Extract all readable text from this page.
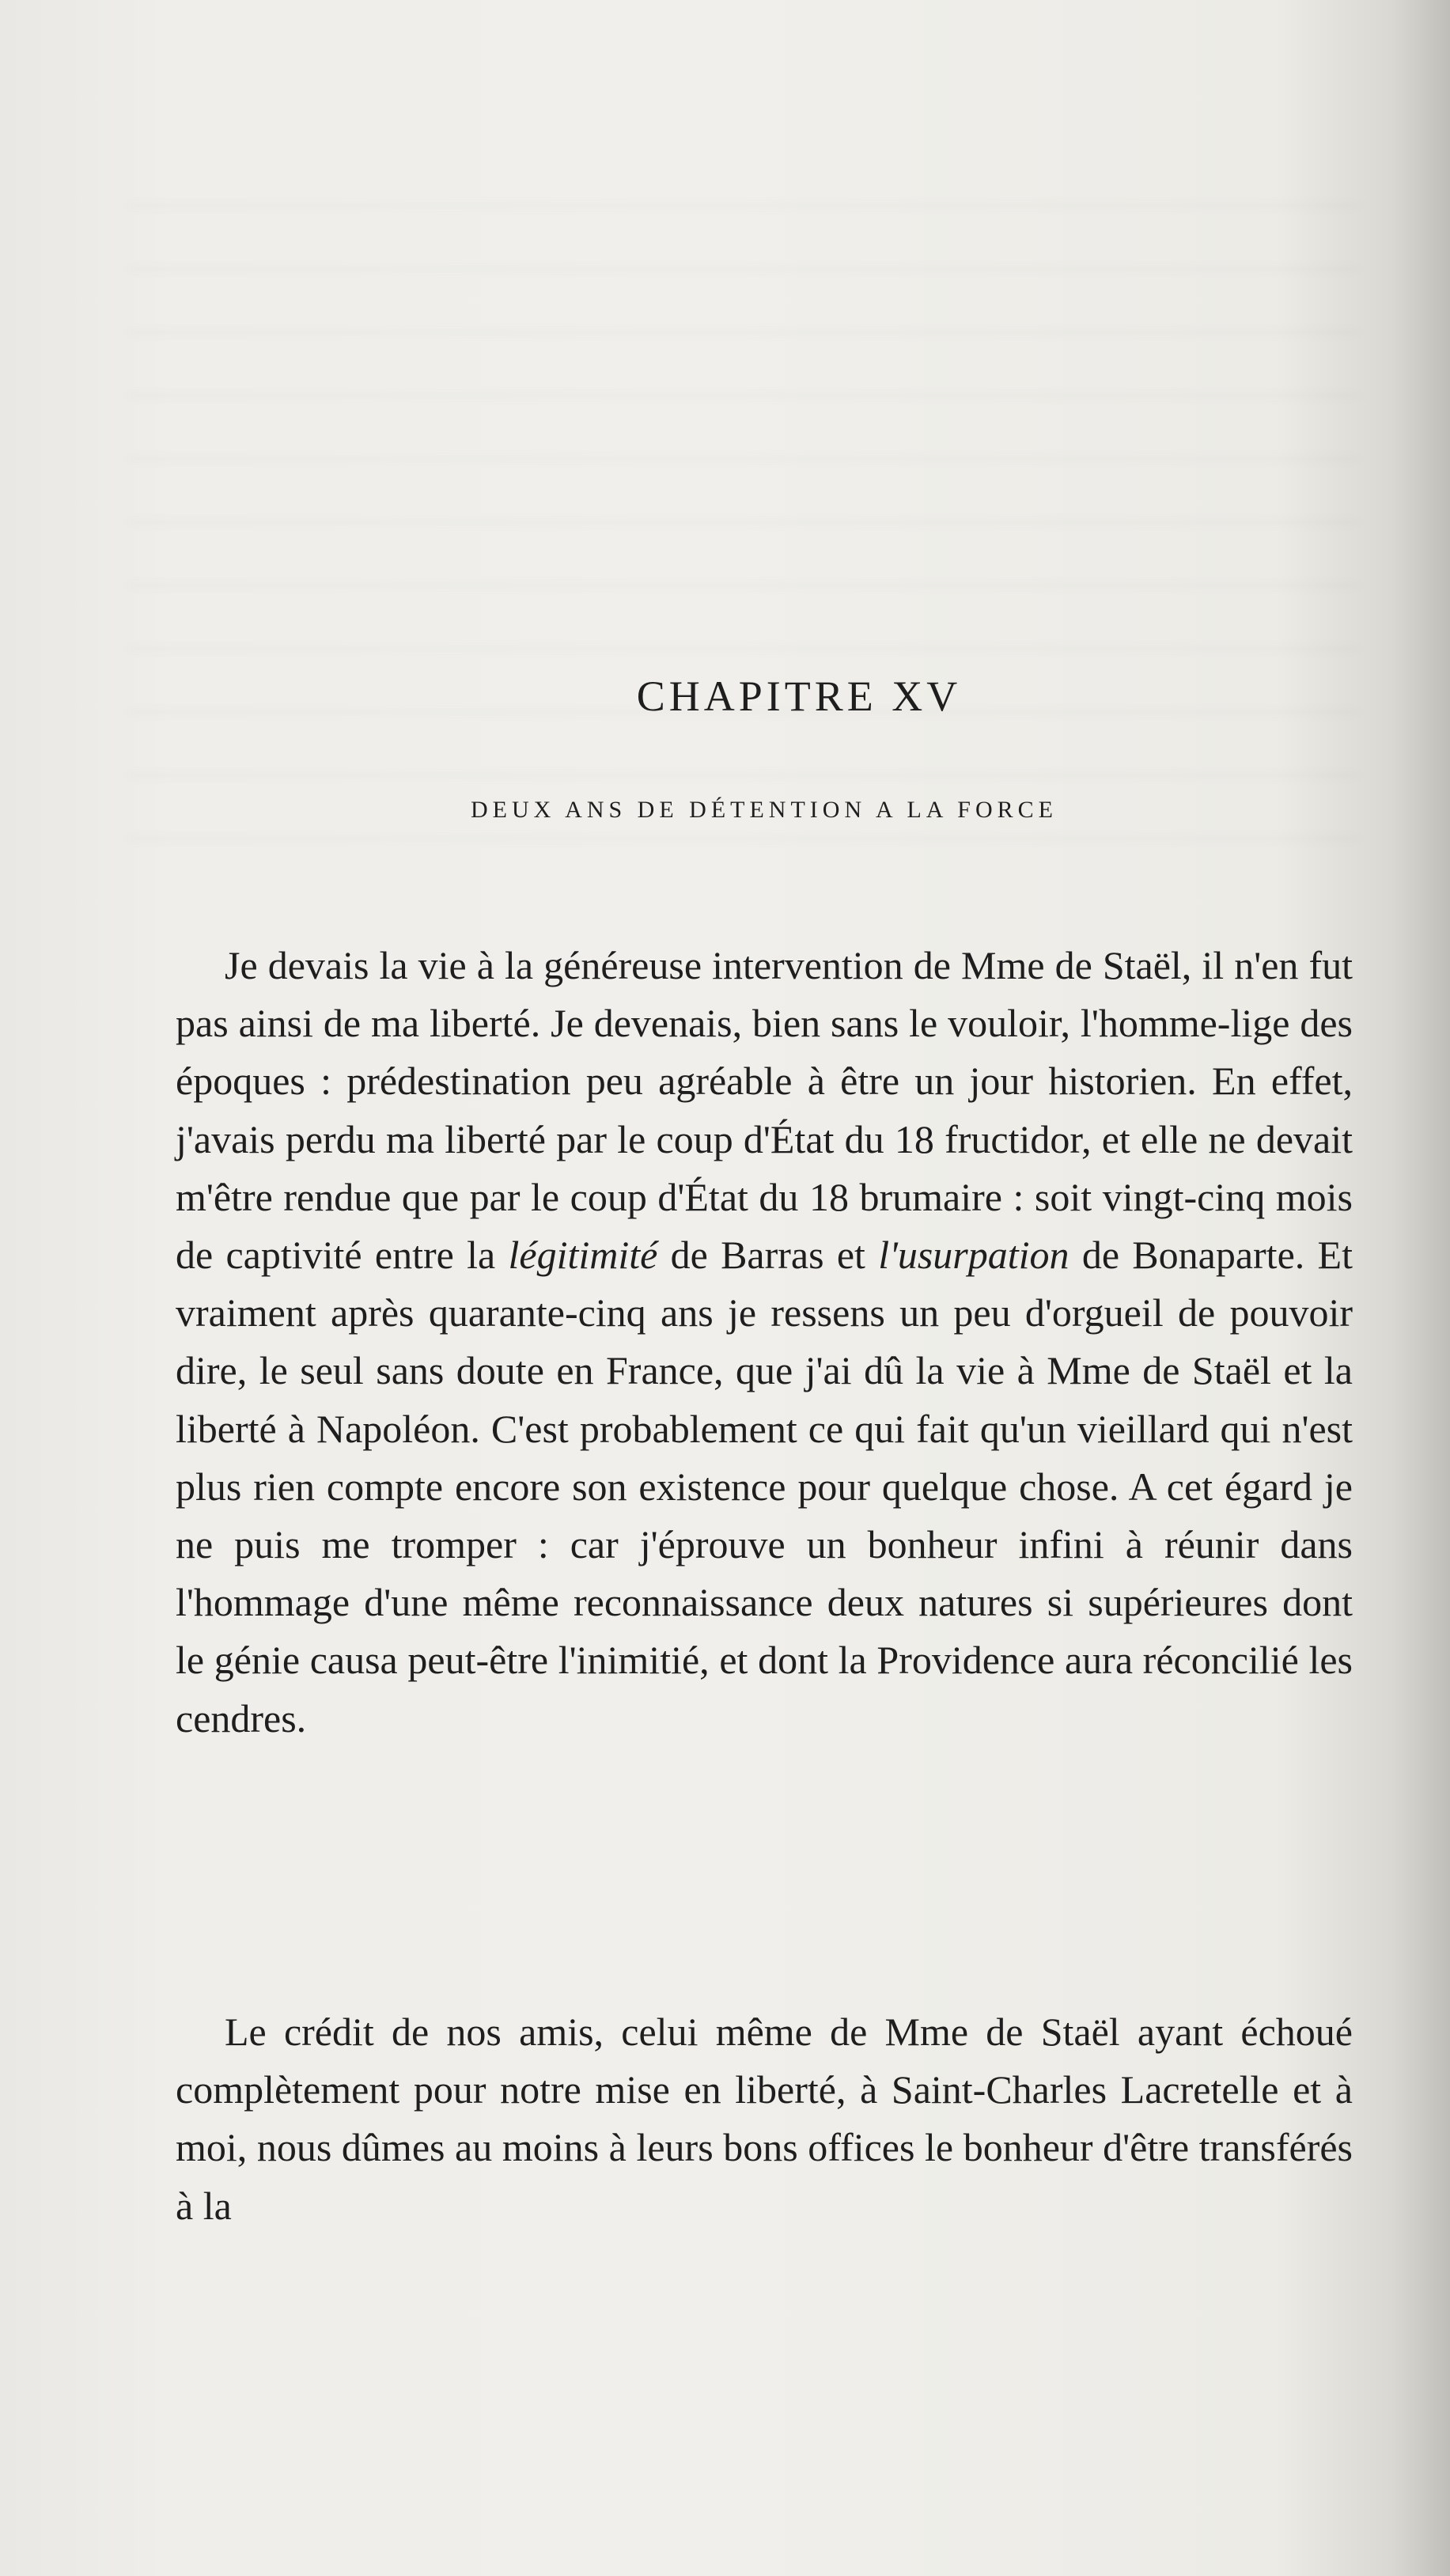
CHAPITRE XV
DEUX ANS DE DÉTENTION A LA FORCE

Je devais la vie à la généreuse intervention de Mme de Staël, il n'en fut pas ainsi de ma liberté. Je devenais, bien sans le vouloir, l'homme-lige des époques : prédestination peu agréable à être un jour historien. En effet, j'avais perdu ma liberté par le coup d'État du 18 fructidor, et elle ne devait m'être rendue que par le coup d'État du 18 brumaire : soit vingt-cinq mois de captivité entre la légitimité de Barras et l'usurpation de Bonaparte. Et vraiment après quarante-cinq ans je ressens un peu d'orgueil de pouvoir dire, le seul sans doute en France, que j'ai dû la vie à Mme de Staël et la liberté à Napoléon. C'est probablement ce qui fait qu'un vieillard qui n'est plus rien compte encore son existence pour quelque chose. A cet égard je ne puis me tromper : car j'éprouve un bonheur infini à réunir dans l'hommage d'une même reconnaissance deux natures si supérieures dont le génie causa peut-être l'inimitié, et dont la Providence aura réconcilié les cendres.

Le crédit de nos amis, celui même de Mme de Staël ayant échoué complètement pour notre mise en liberté, à Saint-Charles Lacretelle et à moi, nous dûmes au moins à leurs bons offices le bonheur d'être transférés à la
